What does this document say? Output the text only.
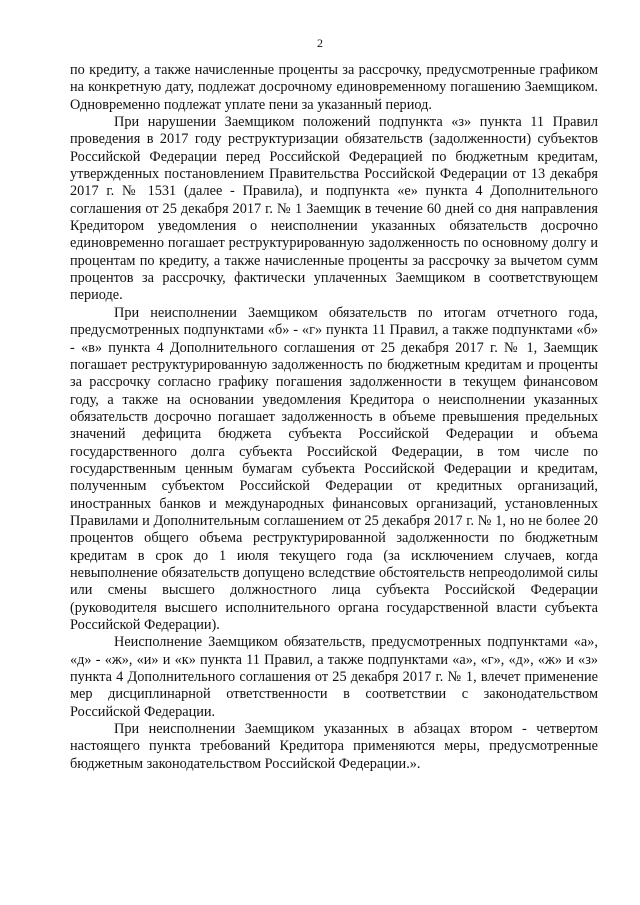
2

по кредиту, а также начисленные проценты за рассрочку, предусмотренные графиком на конкретную дату, подлежат досрочному единовременному погашению Заемщиком. Одновременно подлежат уплате пени за указанный период.

При нарушении Заемщиком положений подпункта «з» пункта 11 Правил проведения в 2017 году реструктуризации обязательств (задолженности) субъектов Российской Федерации перед Российской Федерацией по бюджетным кредитам, утвержденных постановлением Правительства Российской Федерации от 13 декабря 2017 г. № 1531 (далее - Правила), и подпункта «е» пункта 4 Дополнительного соглашения от 25 декабря 2017 г. № 1 Заемщик в течение 60 дней со дня направления Кредитором уведомления о неисполнении указанных обязательств досрочно единовременно погашает реструктурированную задолженность по основному долгу и процентам по кредиту, а также начисленные проценты за рассрочку за вычетом сумм процентов за рассрочку, фактически уплаченных Заемщиком в соответствующем периоде.

При неисполнении Заемщиком обязательств по итогам отчетного года, предусмотренных подпунктами «б» - «г» пункта 11 Правил, а также подпунктами «б» - «в» пункта 4 Дополнительного соглашения от 25 декабря 2017 г. № 1, Заемщик погашает реструктурированную задолженность по бюджетным кредитам и проценты за рассрочку согласно графику погашения задолженности в текущем финансовом году, а также на основании уведомления Кредитора о неисполнении указанных обязательств досрочно погашает задолженность в объеме превышения предельных значений дефицита бюджета субъекта Российской Федерации и объема государственного долга субъекта Российской Федерации, в том числе по государственным ценным бумагам субъекта Российской Федерации и кредитам, полученным субъектом Российской Федерации от кредитных организаций, иностранных банков и международных финансовых организаций, установленных Правилами и Дополнительным соглашением от 25 декабря 2017 г. № 1, но не более 20 процентов общего объема реструктурированной задолженности по бюджетным кредитам в срок до 1 июля текущего года (за исключением случаев, когда невыполнение обязательств допущено вследствие обстоятельств непреодолимой силы или смены высшего должностного лица субъекта Российской Федерации (руководителя высшего исполнительного органа государственной власти субъекта Российской Федерации).

Неисполнение Заемщиком обязательств, предусмотренных подпунктами «а», «д» - «ж», «и» и «к» пункта 11 Правил, а также подпунктами «а», «г», «д», «ж» и «з» пункта 4 Дополнительного соглашения от 25 декабря 2017 г. № 1, влечет применение мер дисциплинарной ответственности в соответствии с законодательством Российской Федерации.

При неисполнении Заемщиком указанных в абзацах втором - четвертом настоящего пункта требований Кредитора применяются меры, предусмотренные бюджетным законодательством Российской Федерации.».
